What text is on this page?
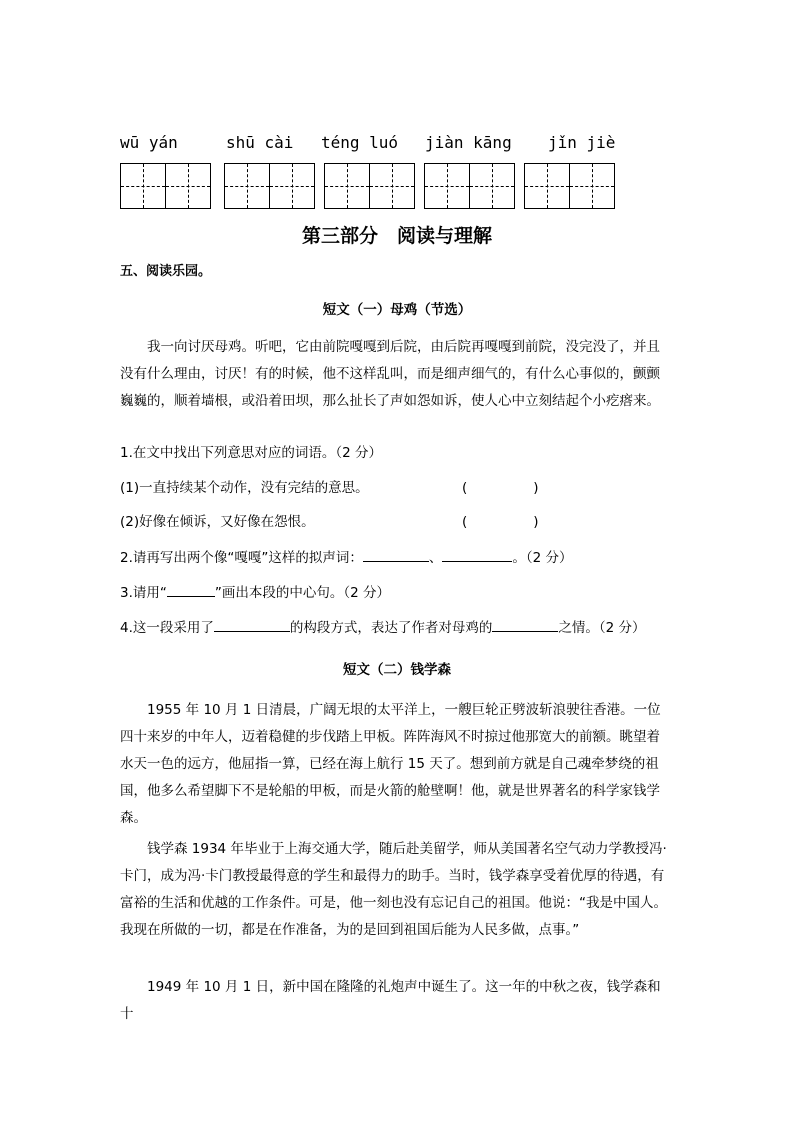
wū yán	shū cài téng luó jiàn kāng jǐn jiè
第三部分　阅读与理解
五、阅读乐园。
短文（一）母鸡（节选）
我一向讨厌母鸡。听吧，它由前院嘎嘎到后院，由后院再嘎嘎到前院，没完没了，并且没有什么理由，讨厌！有的时候，他不这样乱叫，而是细声细气的，有什么心事似的，颤颤巍巍的，顺着墙根，或沿着田坝，那么扯长了声如怨如诉，使人心中立刻结起个小疙瘩来。
1.在文中找出下列意思对应的词语。（2 分）
(1)一直持续某个动作，没有完结的意思。	(	)
(2)好像在倾诉，又好像在怨恨。	(	)
2.请再写出两个像“嘎嘎”这样的拟声词：	、	。（2 分）
3.请用“	”画出本段的中心句。（2 分）
4.这一段采用了	的构段方式，表达了作者对母鸡的	之情。（2 分）
短文（二）钱学森
1955 年 10 月 1 日清晨，广阔无垠的太平洋上，一艘巨轮正劈波斩浪驶往香港。一位四十来岁的中年人，迈着稳健的步伐踏上甲板。阵阵海风不时掠过他那宽大的前额。眺望着水天一色的远方，他屈指一算，已经在海上航行 15 天了。想到前方就是自己魂牵梦绕的祖国，他多么希望脚下不是轮船的甲板，而是火箭的舱壁啊！他，就是世界著名的科学家钱学森。
钱学森 1934 年毕业于上海交通大学，随后赴美留学，师从美国著名空气动力学教授冯·卡门，成为冯·卡门教授最得意的学生和最得力的助手。当时，钱学森享受着优厚的待遇，有富裕的生活和优越的工作条件。可是，他一刻也没有忘记自己的祖国。他说：“我是中国人。我现在所做的一切，都是在作准备，为的是回到祖国后能为人民多做，点事。”
1949 年 10 月 1 日，新中国在隆隆的礼炮声中诞生了。这一年的中秋之夜，钱学森和十
